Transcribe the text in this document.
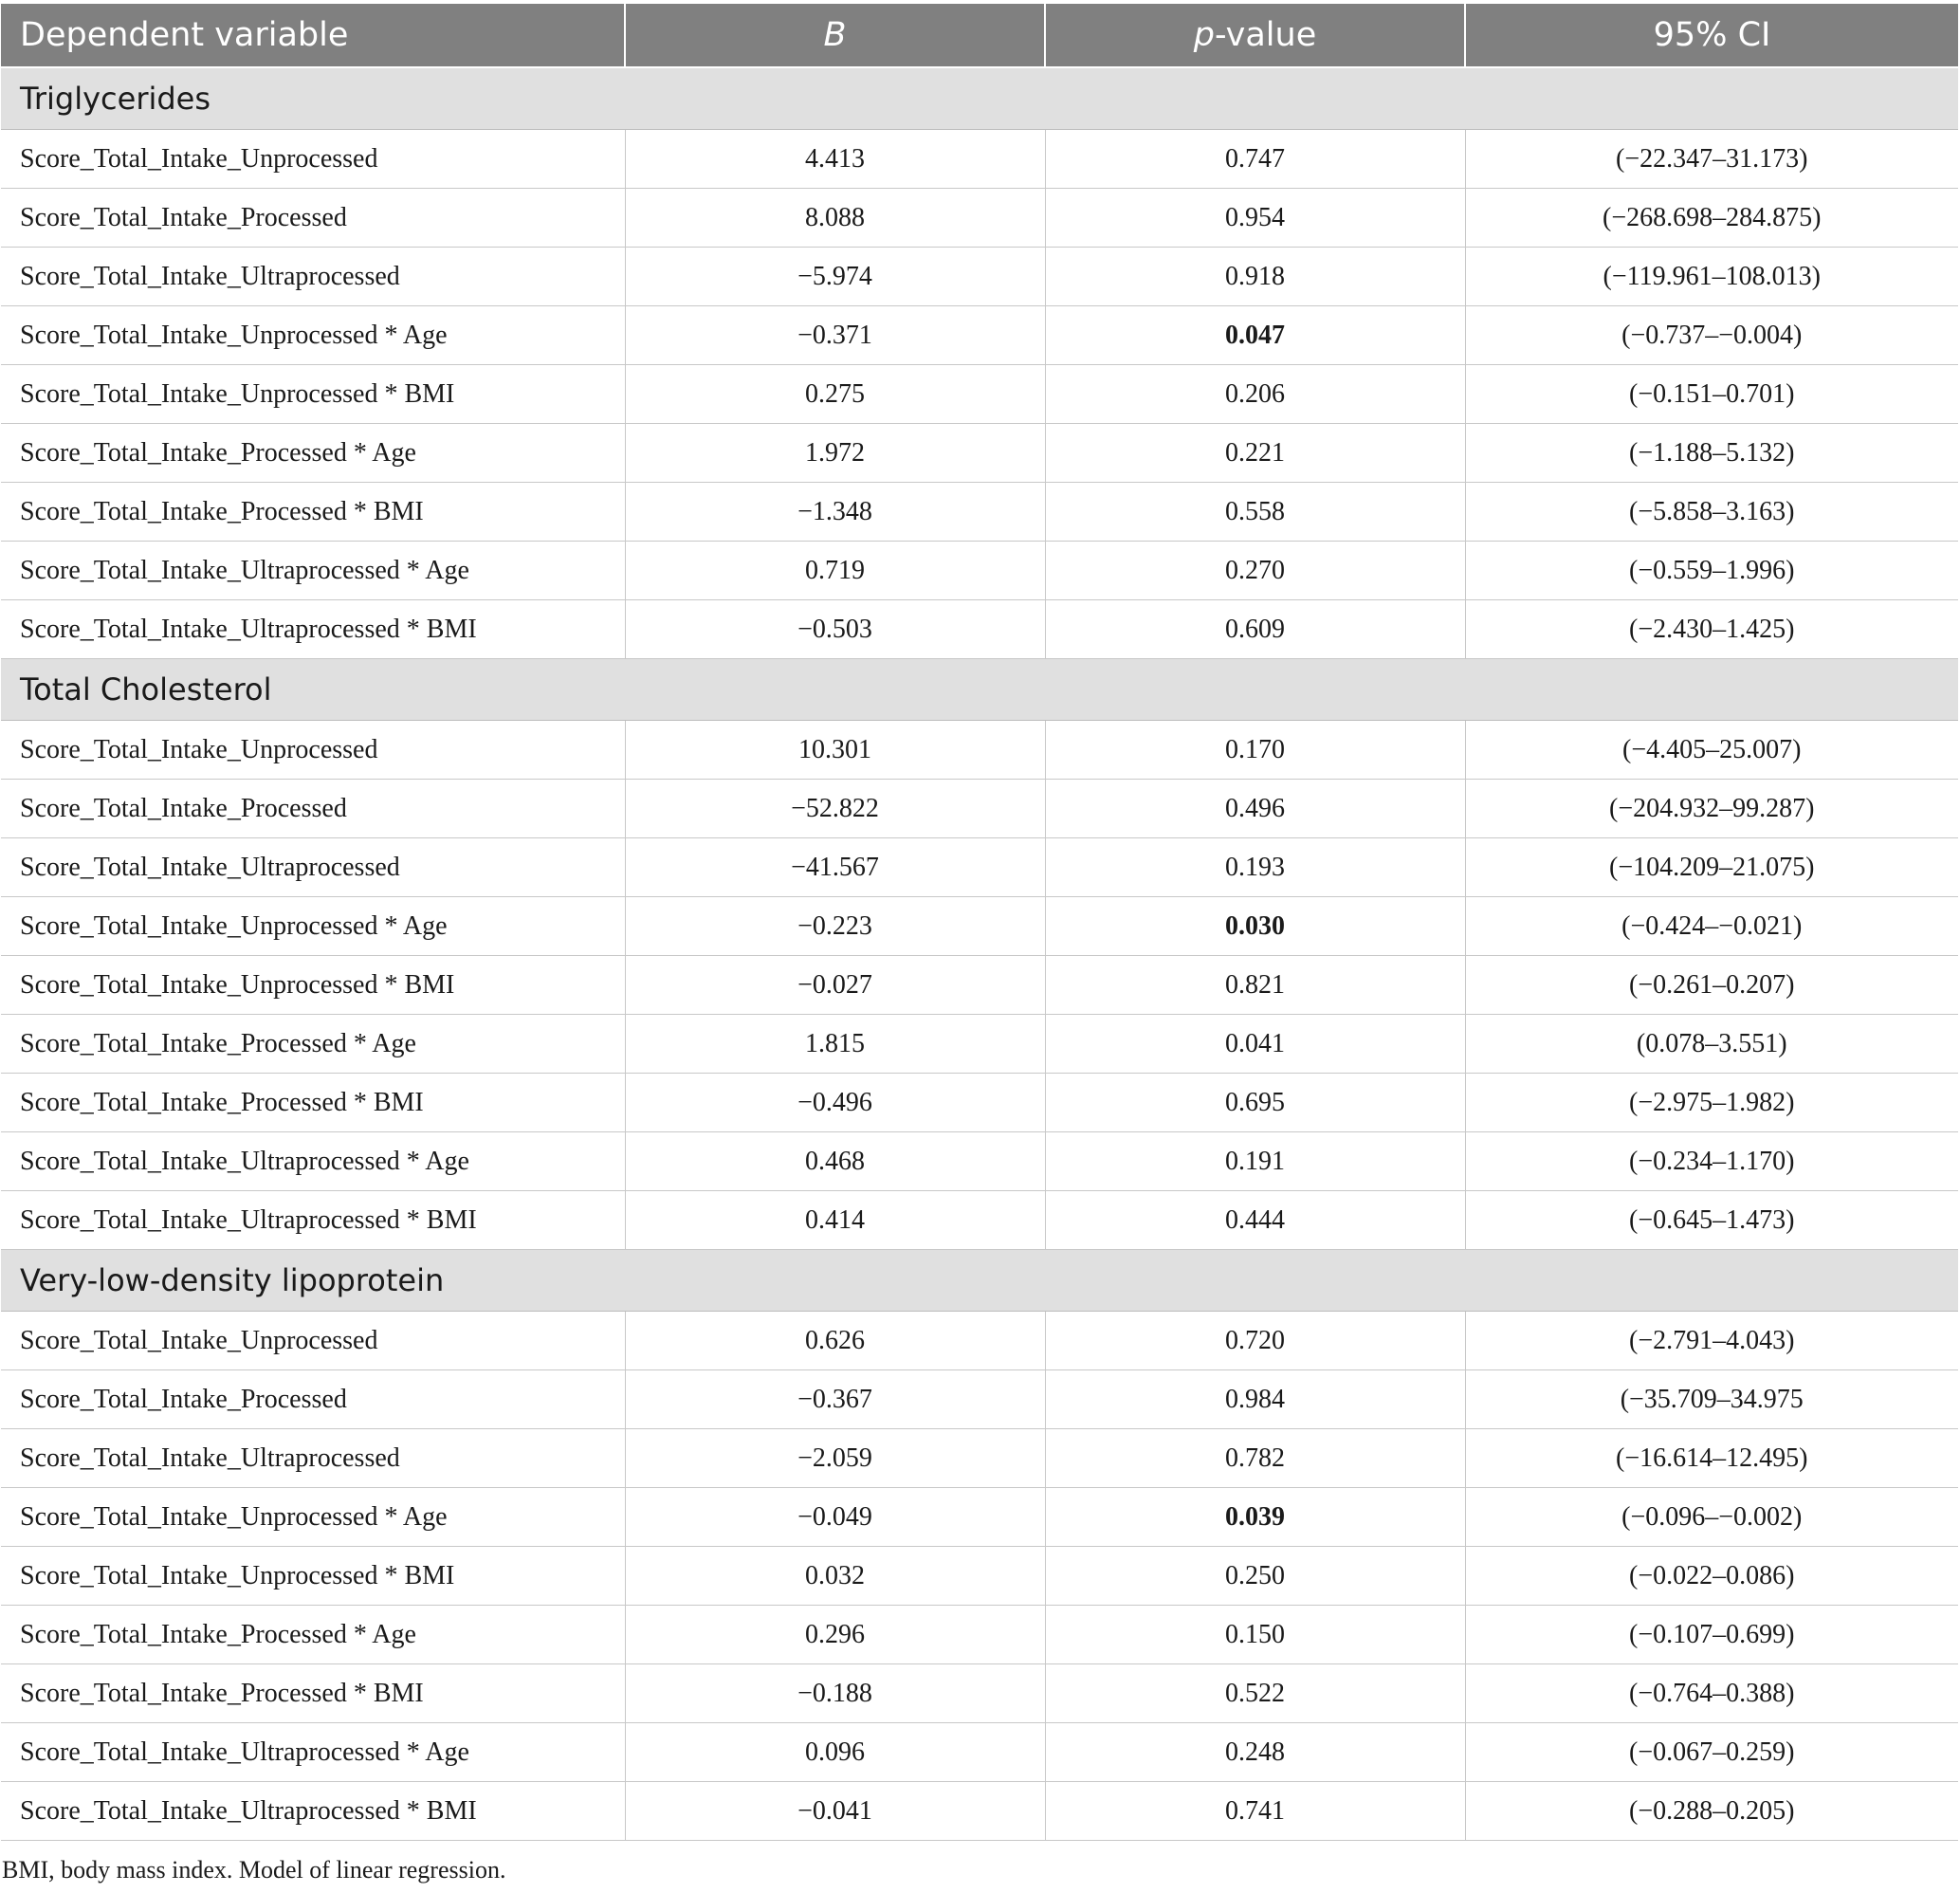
Dependent variable	B	p-value	95% CI
Triglycerides			
Score_Total_Intake_Unprocessed	4.413	0.747	(−22.347–31.173)
Score_Total_Intake_Processed	8.088	0.954	(−268.698–284.875)
Score_Total_Intake_Ultraprocessed	−5.974	0.918	(−119.961–108.013)
Score_Total_Intake_Unprocessed * Age	−0.371	0.047	(−0.737–−0.004)
Score_Total_Intake_Unprocessed * BMI	0.275	0.206	(−0.151–0.701)
Score_Total_Intake_Processed * Age	1.972	0.221	(−1.188–5.132)
Score_Total_Intake_Processed * BMI	−1.348	0.558	(−5.858–3.163)
Score_Total_Intake_Ultraprocessed * Age	0.719	0.270	(−0.559–1.996)
Score_Total_Intake_Ultraprocessed * BMI	−0.503	0.609	(−2.430–1.425)
Total Cholesterol			
Score_Total_Intake_Unprocessed	10.301	0.170	(−4.405–25.007)
Score_Total_Intake_Processed	−52.822	0.496	(−204.932–99.287)
Score_Total_Intake_Ultraprocessed	−41.567	0.193	(−104.209–21.075)
Score_Total_Intake_Unprocessed * Age	−0.223	0.030	(−0.424–−0.021)
Score_Total_Intake_Unprocessed * BMI	−0.027	0.821	(−0.261–0.207)
Score_Total_Intake_Processed * Age	1.815	0.041	(0.078–3.551)
Score_Total_Intake_Processed * BMI	−0.496	0.695	(−2.975–1.982)
Score_Total_Intake_Ultraprocessed * Age	0.468	0.191	(−0.234–1.170)
Score_Total_Intake_Ultraprocessed * BMI	0.414	0.444	(−0.645–1.473)
Very-low-density lipoprotein			
Score_Total_Intake_Unprocessed	0.626	0.720	(−2.791–4.043)
Score_Total_Intake_Processed	−0.367	0.984	(−35.709–34.975
Score_Total_Intake_Ultraprocessed	−2.059	0.782	(−16.614–12.495)
Score_Total_Intake_Unprocessed * Age	−0.049	0.039	(−0.096–−0.002)
Score_Total_Intake_Unprocessed * BMI	0.032	0.250	(−0.022–0.086)
Score_Total_Intake_Processed * Age	0.296	0.150	(−0.107–0.699)
Score_Total_Intake_Processed * BMI	−0.188	0.522	(−0.764–0.388)
Score_Total_Intake_Ultraprocessed * Age	0.096	0.248	(−0.067–0.259)
Score_Total_Intake_Ultraprocessed * BMI	−0.041	0.741	(−0.288–0.205)
BMI, body mass index. Model of linear regression.
